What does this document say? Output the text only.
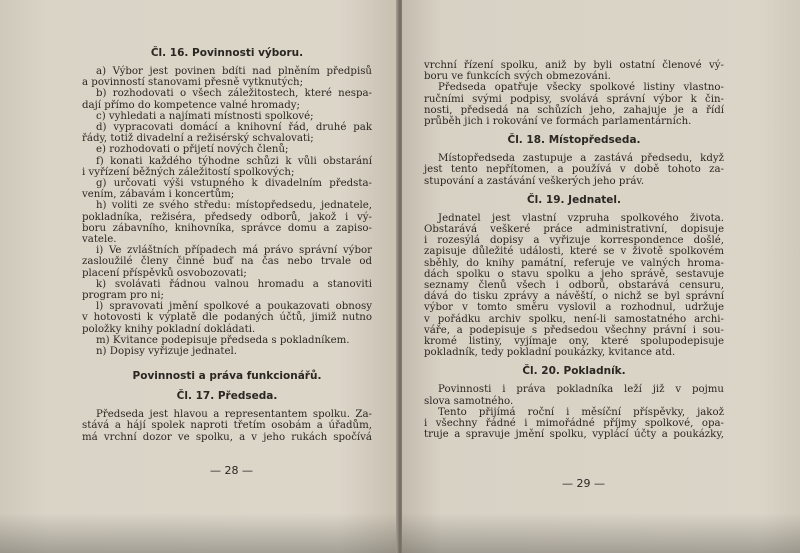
Čl. 16. Povinnosti výboru.
a) Výbor jest povinen bdíti nad plněním předpisů
a povinností stanovami přesně vytknutých;
b) rozhodovati o všech záležitostech, které nespa-
dají přímo do kompetence valné hromady;
c) vyhledati a najímati místnosti spolkové;
d) vypracovati domácí a knihovní řád, druhé pak
řády, totiž divadelní a režisérský schvalovati;
e) rozhodovati o přijetí nových členů;
f) konati každého týhodne schůzi k vůli obstarání
i vyřízení běžných záležitostí spolkových;
g) určovati výši vstupného k divadelním předsta-
vením, zábavám i koncertům;
h) voliti ze svého středu: místopředsedu, jednatele,
pokladníka, režiséra, předsedy odborů, jakož i vý-
boru zábavního, knihovníka, správce domu a zapiso-
vatele.
i) Ve zvláštních případech má právo správní výbor
zasloužilé členy činné buď na čas nebo trvale od
placení příspěvků osvobozovati;
k) svolávati řádnou valnou hromadu a stanoviti
program pro ni;
l) spravovati jmění spolkové a poukazovati obnosy
v hotovosti k výplatě dle podaných účtů, jimiž nutno
položky knihy pokladní dokládati.
m) Kvitance podepisuje předseda s pokladníkem.
n) Dopisy vyřizuje jednatel.
Povinnosti a práva funkcionářů.
Čl. 17. Předseda.
Předseda jest hlavou a representantem spolku. Za-
stává a hájí spolek naproti třetím osobám a úřadům,
má vrchní dozor ve spolku, a v jeho rukách spočívá
— 28 —
vrchní řízení spolku, aniž by byli ostatní členové vý-
boru ve funkcích svých obmezováni.
Předseda opatřuje všecky spolkové listiny vlastno-
ručními svými podpisy, svolává správní výbor k čin-
nosti, předsedá na schůzích jeho, zahajuje je a řídí
průběh jich i rokování ve formách parlamentárních.
Čl. 18. Místopředseda.
Místopředseda zastupuje a zastává předsedu, když
jest tento nepřítomen, a používá v době tohoto za-
stupování a zastávání veškerých jeho práv.
Čl. 19. Jednatel.
Jednatel jest vlastní vzpruha spolkového života.
Obstarává veškeré práce administrativní, dopisuje
i rozesýlá dopisy a vyřizuje korrespondence došlé,
zapisuje důležité události, které se v životě spolkovém
sběhly, do knihy památní, referuje ve valných hroma-
dách spolku o stavu spolku a jeho správě, sestavuje
seznamy členů všech i odborů, obstarává censuru,
dává do tisku zprávy a návěští, o nichž se byl správní
výbor v tomto směru vyslovil a rozhodnul, udržuje
v pořádku archiv spolku, není-li samostatného archi-
váře, a podepisuje s předsedou všechny právní i sou-
kromé listiny, vyjímaje ony, které spolupodepisuje
pokladník, tedy pokladní poukázky, kvitance atd.
Čl. 20. Pokladník.
Povinnosti i práva pokladníka leží již v pojmu
slova samotného.
Tento přijímá roční i měsíční příspěvky, jakož
i všechny řádné i mimořádné příjmy spolkové, opa-
truje a spravuje jmění spolku, vyplácí účty a poukázky,
— 29 —
